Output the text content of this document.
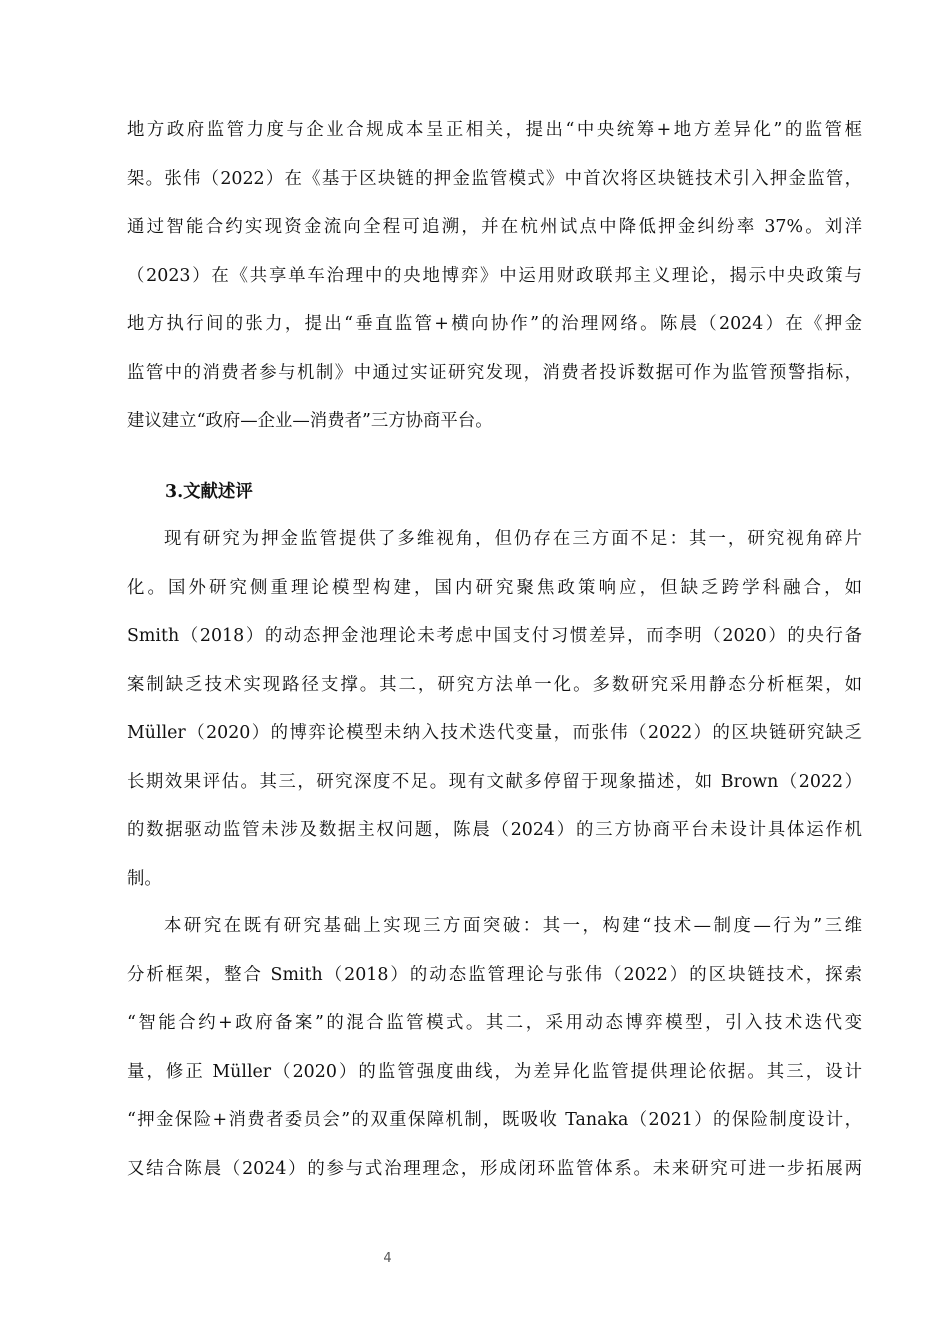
地方政府监管力度与企业合规成本呈正相关，提出“中央统筹+地方差异化”的监管框
架。张伟（2022）在《基于区块链的押金监管模式》中首次将区块链技术引入押金监管，
通过智能合约实现资金流向全程可追溯，并在杭州试点中降低押金纠纷率 37%。刘洋
（2023）在《共享单车治理中的央地博弈》中运用财政联邦主义理论，揭示中央政策与
地方执行间的张力，提出“垂直监管+横向协作”的治理网络。陈晨（2024）在《押金
监管中的消费者参与机制》中通过实证研究发现，消费者投诉数据可作为监管预警指标，
建议建立“政府—企业—消费者”三方协商平台。
3.文献述评
现有研究为押金监管提供了多维视角，但仍存在三方面不足：其一，研究视角碎片
化。国外研究侧重理论模型构建，国内研究聚焦政策响应，但缺乏跨学科融合，如
Smith（2018）的动态押金池理论未考虑中国支付习惯差异，而李明（2020）的央行备
案制缺乏技术实现路径支撑。其二，研究方法单一化。多数研究采用静态分析框架，如
Müller（2020）的博弈论模型未纳入技术迭代变量，而张伟（2022）的区块链研究缺乏
长期效果评估。其三，研究深度不足。现有文献多停留于现象描述，如 Brown（2022）
的数据驱动监管未涉及数据主权问题，陈晨（2024）的三方协商平台未设计具体运作机
制。
本研究在既有研究基础上实现三方面突破：其一，构建“技术—制度—行为”三维
分析框架，整合 Smith（2018）的动态监管理论与张伟（2022）的区块链技术，探索
“智能合约+政府备案”的混合监管模式。其二，采用动态博弈模型，引入技术迭代变
量，修正 Müller（2020）的监管强度曲线，为差异化监管提供理论依据。其三，设计
“押金保险+消费者委员会”的双重保障机制，既吸收 Tanaka（2021）的保险制度设计，
又结合陈晨（2024）的参与式治理理念，形成闭环监管体系。未来研究可进一步拓展两
4
